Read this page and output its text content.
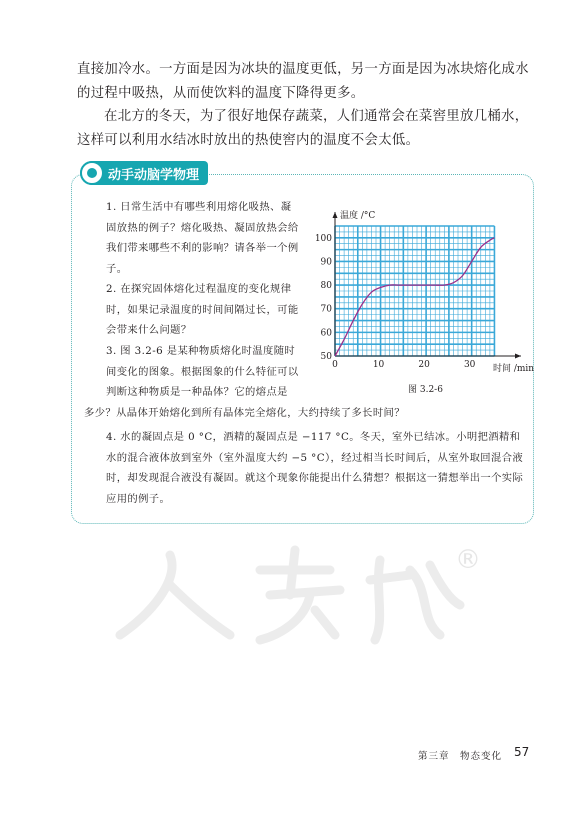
直接加冷水。一方面是因为冰块的温度更低，另一方面是因为冰块熔化成水的过程中吸热，从而使饮料的温度下降得更多。

在北方的冬天，为了很好地保存蔬菜，人们通常会在菜窖里放几桶水，这样可以利用水结冰时放出的热使窖内的温度不会太低。

动手动脑学物理
1. 日常生活中有哪些利用熔化吸热、凝固放热的例子？熔化吸热、凝固放热会给我们带来哪些不利的影响？请各举一个例子。
2. 在探究固体熔化过程温度的变化规律时，如果记录温度的时间间隔过长，可能会带来什么问题？
3. 图 3.2-6 是某种物质熔化时温度随时间变化的图象。根据图象的什么特征可以判断这种物质是一种晶体？它的熔点是
多少？从晶体开始熔化到所有晶体完全熔化，大约持续了多长时间？
4. 水的凝固点是 0 °C，酒精的凝固点是 −117 °C。冬天，室外已结冰。小明把酒精和水的混合液体放到室外（室外温度大约 −5 °C），经过相当长时间后，从室外取回混合液时，却发现混合液没有凝固。就这个现象你能提出什么猜想？根据这一猜想举出一个实际应用的例子。
50
60
70
80
90
100
0	10	20	30
温度 /°C
时间 /min
图 3.2-6
®
第三章　物态变化 57
